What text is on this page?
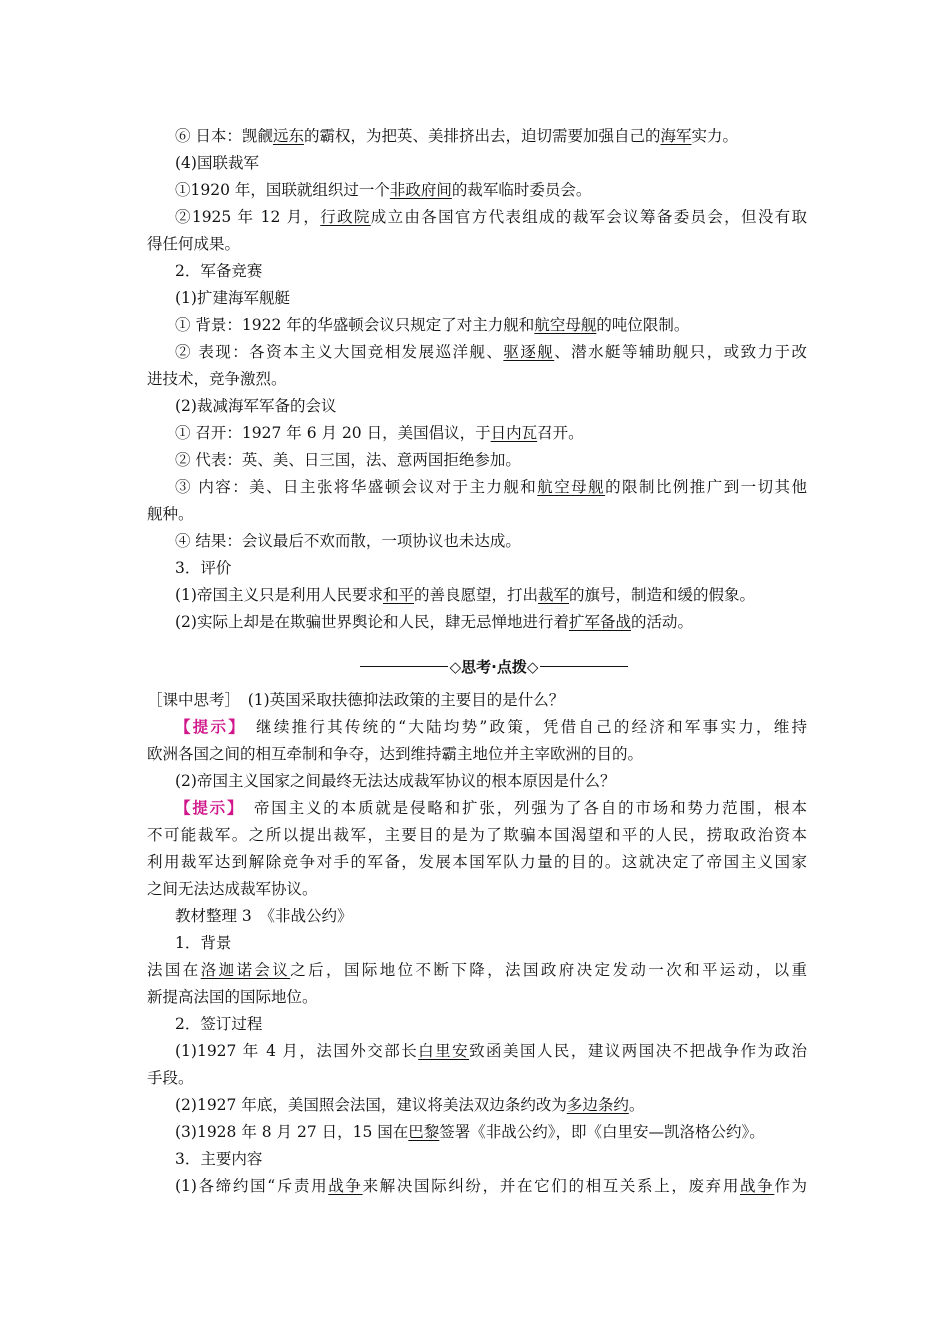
⑥ 日本：觊觎远东的霸权，为把英、美排挤出去，迫切需要加强自己的海军实力。
(4)国联裁军
①1920 年，国联就组织过一个非政府间的裁军临时委员会。
②1925 年 12 月，行政院成立由各国官方代表组成的裁军会议筹备委员会，但没有取
得任何成果。
2．军备竞赛
(1)扩建海军舰艇
① 背景：1922 年的华盛顿会议只规定了对主力舰和航空母舰的吨位限制。
② 表现：各资本主义大国竞相发展巡洋舰、驱逐舰、潜水艇等辅助舰只，或致力于改
进技术，竞争激烈。
(2)裁减海军军备的会议
① 召开：1927 年 6 月 20 日，美国倡议，于日内瓦召开。
② 代表：英、美、日三国，法、意两国拒绝参加。
③ 内容：美、日主张将华盛顿会议对于主力舰和航空母舰的限制比例推广到一切其他
舰种。
④ 结果：会议最后不欢而散，一项协议也未达成。
3．评价
(1)帝国主义只是利用人民要求和平的善良愿望，打出裁军的旗号，制造和缓的假象。
(2)实际上却是在欺骗世界舆论和人民，肆无忌惮地进行着扩军备战的活动。
◇思考·点拨◇
［课中思考］　(1)英国采取扶德抑法政策的主要目的是什么？
【提示】　继续推行其传统的“大陆均势”政策，凭借自己的经济和军事实力，维持
欧洲各国之间的相互牵制和争夺，达到维持霸主地位并主宰欧洲的目的。
(2)帝国主义国家之间最终无法达成裁军协议的根本原因是什么？
【提示】　帝国主义的本质就是侵略和扩张，列强为了各自的市场和势力范围，根本
不可能裁军。之所以提出裁军，主要目的是为了欺骗本国渴望和平的人民，捞取政治资本
利用裁军达到解除竞争对手的军备，发展本国军队力量的目的。这就决定了帝国主义国家
之间无法达成裁军协议。
教材整理 3　《非战公约》
1．背景
法国在洛迦诺会议之后，国际地位不断下降，法国政府决定发动一次和平运动，以重
新提高法国的国际地位。
2．签订过程
(1)1927 年 4 月，法国外交部长白里安致函美国人民，建议两国决不把战争作为政治
手段。
(2)1927 年底，美国照会法国，建议将美法双边条约改为多边条约。
(3)1928 年 8 月 27 日，15 国在巴黎签署《非战公约》，即《白里安—凯洛格公约》。
3．主要内容
(1)各缔约国“斥责用战争来解决国际纠纷，并在它们的相互关系上，废弃用战争作为
